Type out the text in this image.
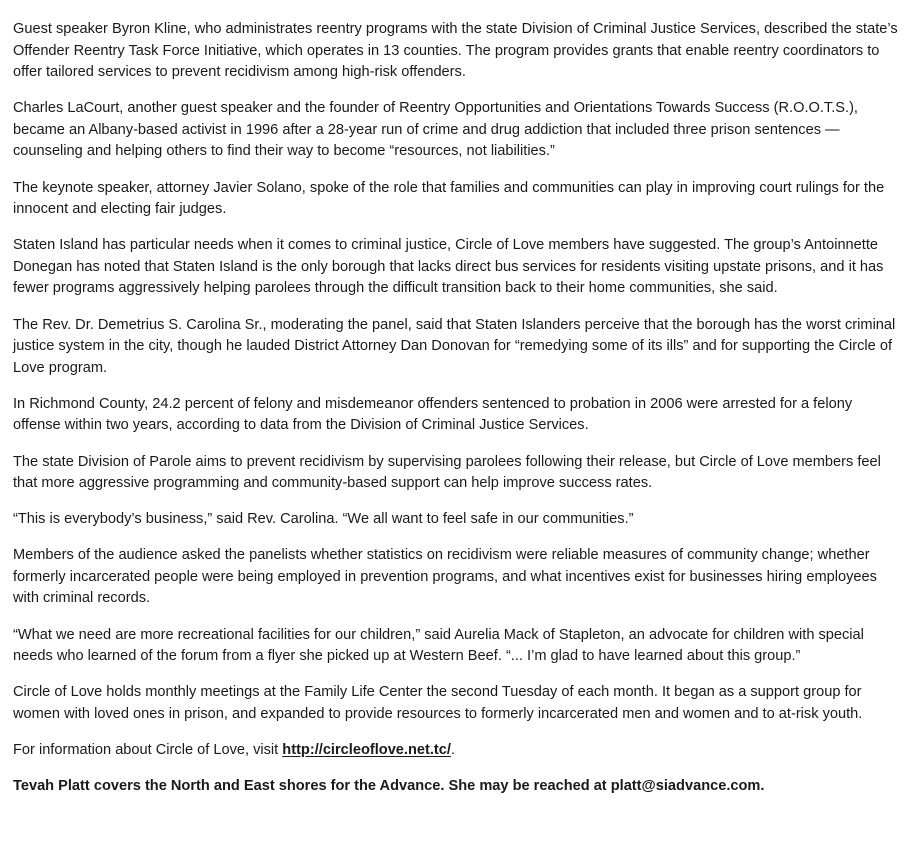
Guest speaker Byron Kline, who administrates reentry programs with the state Division of Criminal Justice Services, described the state’s Offender Reentry Task Force Initiative, which operates in 13 counties. The program provides grants that enable reentry coordinators to offer tailored services to prevent recidivism among high-risk offenders.

Charles LaCourt, another guest speaker and the founder of Reentry Opportunities and Orientations Towards Success (R.O.O.T.S.), became an Albany-based activist in 1996 after a 28-year run of crime and drug addiction that included three prison sentences — counseling and helping others to find their way to become “resources, not liabilities.”

The keynote speaker, attorney Javier Solano, spoke of the role that families and communities can play in improving court rulings for the innocent and electing fair judges.

Staten Island has particular needs when it comes to criminal justice, Circle of Love members have suggested. The group’s Antoinnette Donegan has noted that Staten Island is the only borough that lacks direct bus services for residents visiting upstate prisons, and it has fewer programs aggressively helping parolees through the difficult transition back to their home communities, she said.

The Rev. Dr. Demetrius S. Carolina Sr., moderating the panel, said that Staten Islanders perceive that the borough has the worst criminal justice system in the city, though he lauded District Attorney Dan Donovan for “remedying some of its ills” and for supporting the Circle of Love program.

In Richmond County, 24.2 percent of felony and misdemeanor offenders sentenced to probation in 2006 were arrested for a felony offense within two years, according to data from the Division of Criminal Justice Services.

The state Division of Parole aims to prevent recidivism by supervising parolees following their release, but Circle of Love members feel that more aggressive programming and community-based support can help improve success rates.

“This is everybody’s business,” said Rev. Carolina. “We all want to feel safe in our communities.”

Members of the audience asked the panelists whether statistics on recidivism were reliable measures of community change; whether formerly incarcerated people were being employed in prevention programs, and what incentives exist for businesses hiring employees with criminal records.

“What we need are more recreational facilities for our children,” said Aurelia Mack of Stapleton, an advocate for children with special needs who learned of the forum from a flyer she picked up at Western Beef. “... I’m glad to have learned about this group.”

Circle of Love holds monthly meetings at the Family Life Center the second Tuesday of each month. It began as a support group for women with loved ones in prison, and expanded to provide resources to formerly incarcerated men and women and to at-risk youth.

For information about Circle of Love, visit http://circleoflove.net.tc/.

Tevah Platt covers the North and East shores for the Advance. She may be reached at platt@siadvance.com.
